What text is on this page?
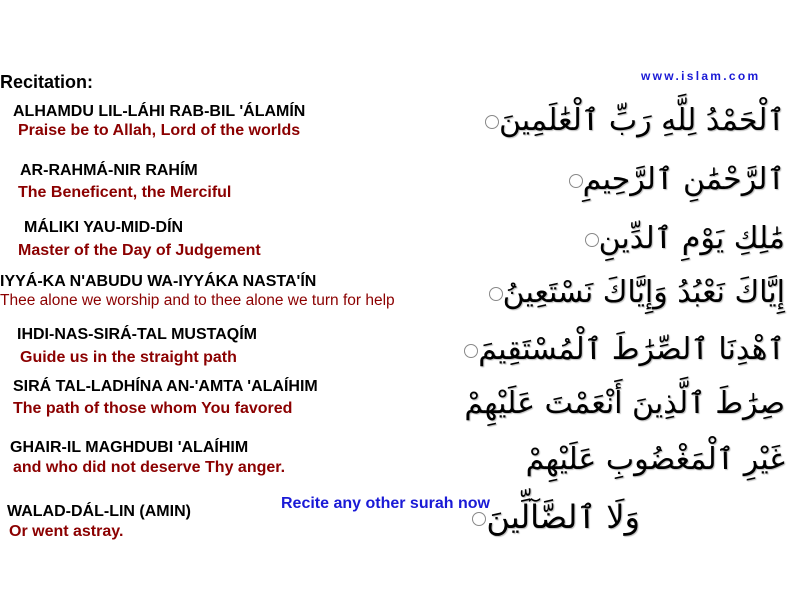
Recitation:	www.islam.com
ALHAMDU LIL-LÁHI RAB-BIL 'ÁLAMÍN
Praise be to Allah, Lord of the worlds	ٱلْحَمْدُ لِلَّهِ رَبِّ ٱلْعَٰلَمِينَ
AR-RAHMÁ-NIR RAHÍM
The Beneficent, the Merciful	ٱلرَّحْمَٰنِ ٱلرَّحِيمِ
MÁLIKI YAU-MID-DÍN
Master of the Day of Judgement	مَٰلِكِ يَوْمِ ٱلدِّينِ
IYYÁ-KA N'ABUDU WA-IYYÁKA NASTA'ÍN
Thee alone we worship and to thee alone we turn for help	إِيَّاكَ نَعْبُدُ وَإِيَّاكَ نَسْتَعِينُ
IHDI-NAS-SIRÁ-TAL MUSTAQÍM
Guide us in the straight path	ٱهْدِنَا ٱلصِّرَٰطَ ٱلْمُسْتَقِيمَ
SIRÁ TAL-LADHÍNA AN-'AMTA 'ALAÍHIM
The path of those whom You favored	صِرَٰطَ ٱلَّذِينَ أَنْعَمْتَ عَلَيْهِمْ
GHAIR-IL MAGHDUBI 'ALAÍHIM
and who did not deserve Thy anger.	غَيْرِ ٱلْمَغْضُوبِ عَلَيْهِمْ
WALAD-DÁL-LIN (AMIN)
Or went astray.	وَلَا ٱلضَّآلِّينَ
Recite any other surah now
